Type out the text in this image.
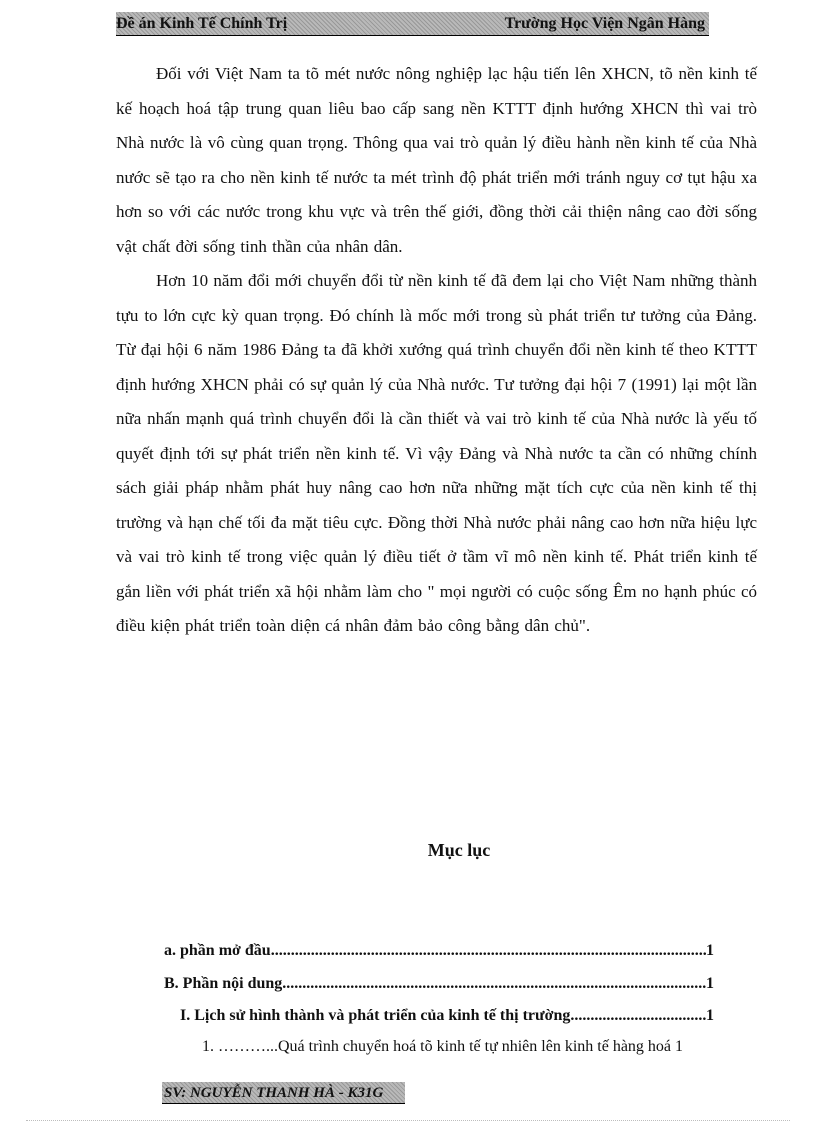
Đề án Kinh Tế Chính Trị	Trường Học Viện Ngân Hàng

Đối với Việt Nam ta tõ mét nước nông nghiệp lạc hậu tiến lên XHCN, tõ nền kinh tế kế hoạch hoá tập trung quan liêu bao cấp sang nền KTTT định hướng XHCN thì vai trò Nhà nước là vô cùng quan trọng. Thông qua vai trò quản lý điều hành nền kinh tế của Nhà nước sẽ tạo ra cho nền kinh tế nước ta mét trình độ phát triển mới tránh nguy cơ tụt hậu xa hơn so với các nước trong khu vực và trên thế giới, đồng thời cải thiện nâng cao đời sống vật chất đời sống tinh thần của nhân dân.

Hơn 10 năm đổi mới chuyển đổi từ nền kinh tế đã đem lại cho Việt Nam những thành tựu to lớn cực kỳ quan trọng. Đó chính là mốc mới trong sù phát triển tư tưởng của Đảng. Từ đại hội 6 năm 1986 Đảng ta đã khởi xướng quá trình chuyển đổi nền kinh tế theo KTTT định hướng XHCN phải có sự quản lý của Nhà nước. Tư tưởng đại hội 7 (1991) lại một lần nữa nhấn mạnh quá trình chuyển đổi là cần thiết và vai trò kinh tế của Nhà nước là yếu tố quyết định tới sự phát triển nền kinh tế. Vì vậy Đảng và Nhà nước ta cần có những chính sách giải pháp nhằm phát huy nâng cao hơn nữa những mặt tích cực của nền kinh tế thị trường và hạn chế tối đa mặt tiêu cực. Đồng thời Nhà nước phải nâng cao hơn nữa hiệu lực và vai trò kinh tế trong việc quản lý điều tiết ở tầm vĩ mô nền kinh tế. Phát triển kinh tế gắn liền với phát triển xã hội nhằm làm cho " mọi người có cuộc sống Êm no hạnh phúc có điều kiện phát triển toàn diện cá nhân đảm bảo công bằng dân chủ".

Mục lục
a. phần mở đầu .....	1
B. Phần nội dung .....	1
I. Lịch sử hình thành và phát triển của kinh tế thị trường .....	1
1. ………...Quá trình chuyển hoá tõ kinh tế tự nhiên lên kinh tế hàng hoá 1
SV: NGUYỄN THANH HÀ - K31G
